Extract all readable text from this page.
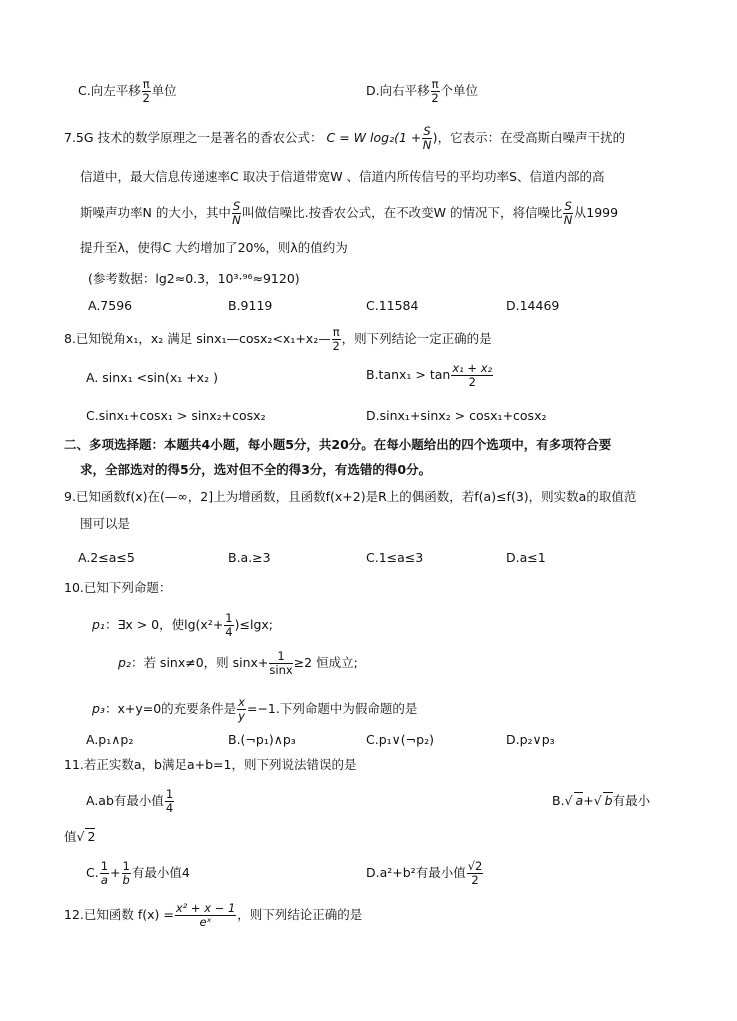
C.向左平移 $\frac{\pi}{2}$ 单位	D.向右平移 $\frac{\pi}{2}$ 个单位
7.5G 技术的数学原理之一是著名的香农公式： C = W $\log_2(1 + \frac{S}{N}$ )，它表示：在受高斯白噪声干扰的
信道中，最大信息传递速率C 取决于信道带宽W 、信道内所传信号的平均功率S、信道内部的高
斯噪声功率N 的大小，其中 $\frac{S}{N}$ 叫做信噪比.按香农公式，在不改变W 的情况下，将信噪比 $\frac{S}{N}$ 从1999
提升至λ，使得C 大约增加了20%，则λ的值约为
(参考数据：lg2≈0.3，10³·⁹⁶≈9120)
A.7596	B.9119	C.11584	D.14469
8.已知锐角x₁，x₂ 满足 sinx₁—cosx₂<x₁+x₂— $\frac{\pi}{2}$ ，则下列结论一定正确的是
A. sinx₁ <sin(x₁ +x₂ )	$B.\tan x_1 > \tan \frac{\text{x₁ + x₂}}{2}$
C.sinx₁+cosx₁ > sinx₂+cosx₂	D.sinx₁+sinx₂ > cosx₁+cosx₂
二、多项选择题：本题共4小题，每小题5分，共20分。在每小题给出的四个选项中，有多项符合要
求，全部选对的得5分，选对但不全的得3分，有选错的得0分。
9.已知函数f(x)在(—∞，2]上为增函数，且函数f(x+2)是R上的偶函数，若f(a)≤f(3)，则实数a的取值范
围可以是
A.2≤a≤5	B.a.≥3	C.1≤a≤3	D.a≤1
10.已知下列命题：
p₁：∃x > 0，使$\lg(x^2+ \frac{1}{4} )\le\lg x$;
p₂：若 sinx≠0，则 $\sin x+ \frac{1}{\sin x} \ge 2$ 恒成立;
p₃：x+y=0的充要条件是 $\frac{x}{y} =-1$.下列命题中为假命题的是
A.p₁∧p₂	B.(¬p₁)∧p₃	C.p₁∨(¬p₂)	D.p₂∨p₃
11.若正实数a，b满足a+b=1，则下列说法错误的是
A.ab有最小值 $\frac{1}{4}$	B.√ a+√ b有最小
值√ 2
C. $\frac{1}{a} + \frac{1}{b}$ 有最小值4	D.a²+b²有最小值 $\frac{√2}{2}$
12.已知函数 $f(x) = \frac{\text{x² + x − 1}}{\text{eˣ}}$ ，则下列结论正确的是
